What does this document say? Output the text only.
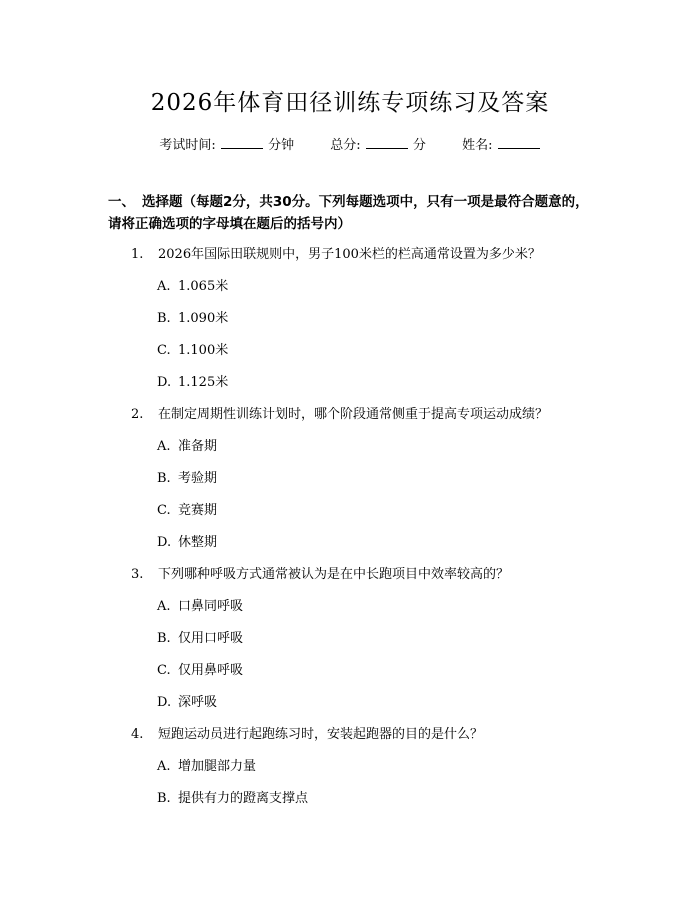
2026年体育田径训练专项练习及答案
考试时间:	分钟	总分:	分	姓名:
一、 选择题（每题2分，共30分。下列每题选项中，只有一项是最符合题意的，请将正确选项的字母填在题后的括号内）
1. 2026年国际田联规则中，男子100米栏的栏高通常设置为多少米？
A. 1.065米
B. 1.090米
C. 1.100米
D. 1.125米
2. 在制定周期性训练计划时，哪个阶段通常侧重于提高专项运动成绩？
A. 准备期
B. 考验期
C. 竞赛期
D. 休整期
3. 下列哪种呼吸方式通常被认为是在中长跑项目中效率较高的？
A. 口鼻同呼吸
B. 仅用口呼吸
C. 仅用鼻呼吸
D. 深呼吸
4. 短跑运动员进行起跑练习时，安装起跑器的目的是什么？
A. 增加腿部力量
B. 提供有力的蹬离支撑点
